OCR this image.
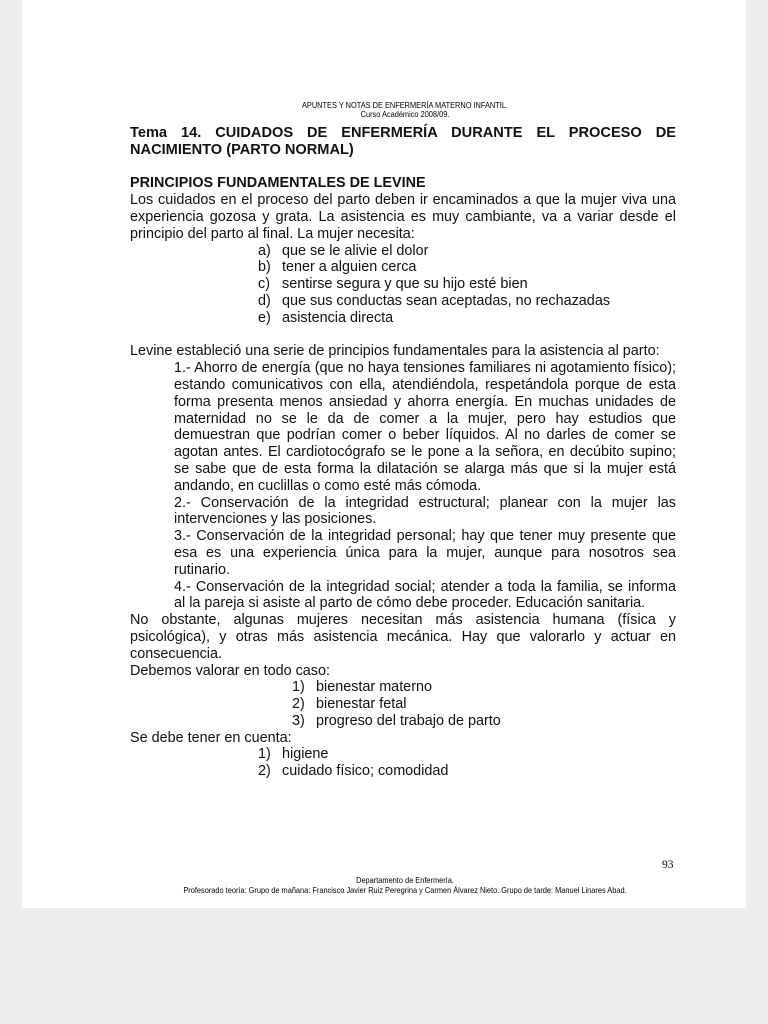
APUNTES Y NOTAS DE ENFERMERÍA MATERNO INFANTIL.
Curso Académico 2008/09.
Tema 14. CUIDADOS DE ENFERMERÍA DURANTE EL PROCESO DE NACIMIENTO (PARTO NORMAL)
PRINCIPIOS FUNDAMENTALES DE LEVINE

Los cuidados en el proceso del parto deben ir encaminados a que la mujer viva una experiencia gozosa y grata. La asistencia es muy cambiante, va a variar desde el principio del parto al final. La mujer necesita:

a) que se le alivie el dolor
b) tener a alguien cerca
c) sentirse segura y que su hijo esté bien
d) que sus conductas sean aceptadas, no rechazadas
e) asistencia directa

Levine estableció una serie de principios fundamentales para la asistencia al parto:

1.- Ahorro de energía (que no haya tensiones familiares ni agotamiento físico); estando comunicativos con ella, atendiéndola, respetándola porque de esta forma presenta menos ansiedad y ahorra energía. En muchas unidades de maternidad no se le da de comer a la mujer, pero hay estudios que demuestran que podrían comer o beber líquidos. Al no darles de comer se agotan antes. El cardiotocógrafo se le pone a la señora, en decúbito supino; se sabe que de esta forma la dilatación se alarga más que si la mujer está andando, en cuclillas o como esté más cómoda.

2.- Conservación de la integridad estructural; planear con la mujer las intervenciones y las posiciones.

3.- Conservación de la integridad personal; hay que tener muy presente que esa es una experiencia única para la mujer, aunque para nosotros sea rutinario.

4.- Conservación de la integridad social; atender a toda la familia, se informa al la pareja si asiste al parto de cómo debe proceder. Educación sanitaria.

No obstante, algunas mujeres necesitan más asistencia humana (física y psicológica), y otras más asistencia mecánica. Hay que valorarlo y actuar en consecuencia.

Debemos valorar en todo caso:

1) bienestar materno
2) bienestar fetal
3) progreso del trabajo de parto

Se debe tener en cuenta:

1) higiene
2) cuidado físico; comodidad
93
Departamento de Enfermería.
Profesorado teoría: Grupo de mañana: Francisco Javier Ruiz Peregrina y Carmen Álvarez Nieto. Grupo de tarde: Manuel Linares Abad.
